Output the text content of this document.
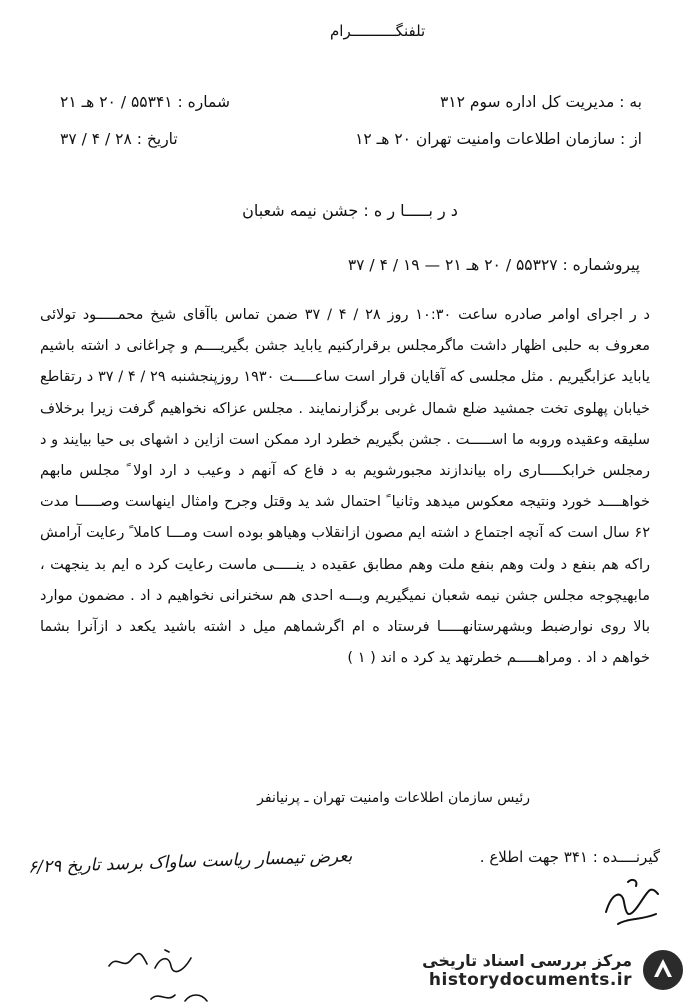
تلفنگــــــــــرام
به : مدیریت کل اداره سوم ۳۱۲
از : سازمان اطلاعات وامنیت تهران ۲۰ هـ ۱۲
شماره : ۵۵۳۴۱ / ۲۰ هـ ۲۱
تاریخ : ۲۸ / ۴ / ۳۷
د ر بـــــا ر ه : جشن نیمه شعبان
پیروشماره : ۵۵۳۲۷ / ۲۰ هـ ۲۱ — ۱۹ / ۴ / ۳۷

د ر اجرای اوامر صادره ساعت ۱۰:۳۰ روز ۲۸ / ۴ / ۳۷ ضمن تماس باآقای شیخ محمـــــود تولائی معروف به حلبی اظهار داشت ماگرمجلس برقرارکنیم یاباید جشن بگیریــــم و چراغانی د اشته باشیم یاباید عزابگیریم . مثل مجلسی که آقایان قرار است ساعـــــت ۱۹۳۰ روزپنجشنبه ۲۹ / ۴ / ۳۷ د رتقاطع خیابان پهلوی تخت جمشید ضلع شمال غربی برگزارنمایند . مجلس عزاکه نخواهیم گرفت زیرا برخلاف سلیقه وعقیده وروبه ما اســـــت . جشن بگیریم خطرد ارد ممکن است ازاین د اشهای بی حیا بیایند و د رمجلس خرابکـــــاری راه بیاندازند مجبورشویم به د فاع که آنهم د وعیب د ارد اولا ً مجلس مابهم خواهــــد خورد ونتیجه معکوس میدهد وثانیا ً احتمال شد ید وقتل وجرح وامثال اینهاست وصـــــا مدت ۶۲ سال است که آنچه اجتماع د اشته ایم مصون ازانقلاب وهیاهو بوده است ومـــا کاملا ً رعایت آرامش راکه هم بنفع د ولت وهم بنفع ملت وهم مطابق عقیده د ینـــــی ماست رعایت کرد ه ایم بد ینجهت ، مابهیچوجه مجلس جشن نیمه شعبان نمیگیریم وبـــه احدی هم سخنرانی نخواهیم د اد . مضمون موارد بالا روی نوارضبط وبشهرستانهـــــا فرستاد ه ام اگرشماهم میل د اشته باشید یکعد د ازآنرا بشما خواهم د اد . ومراهـــــم خطرتهد ید کرد ه اند ( ۱ )

رئیس سازمان اطلاعات وامنیت تهران ـ پرنیانفر
گیرنــــده : ۳۴۱ جهت اطلاع .
بعرض تیمسار ریاست ساواک برسد تاریخ ۶/۲۹
مرکز بررسی اسناد تاریخی
historydocuments.ir
